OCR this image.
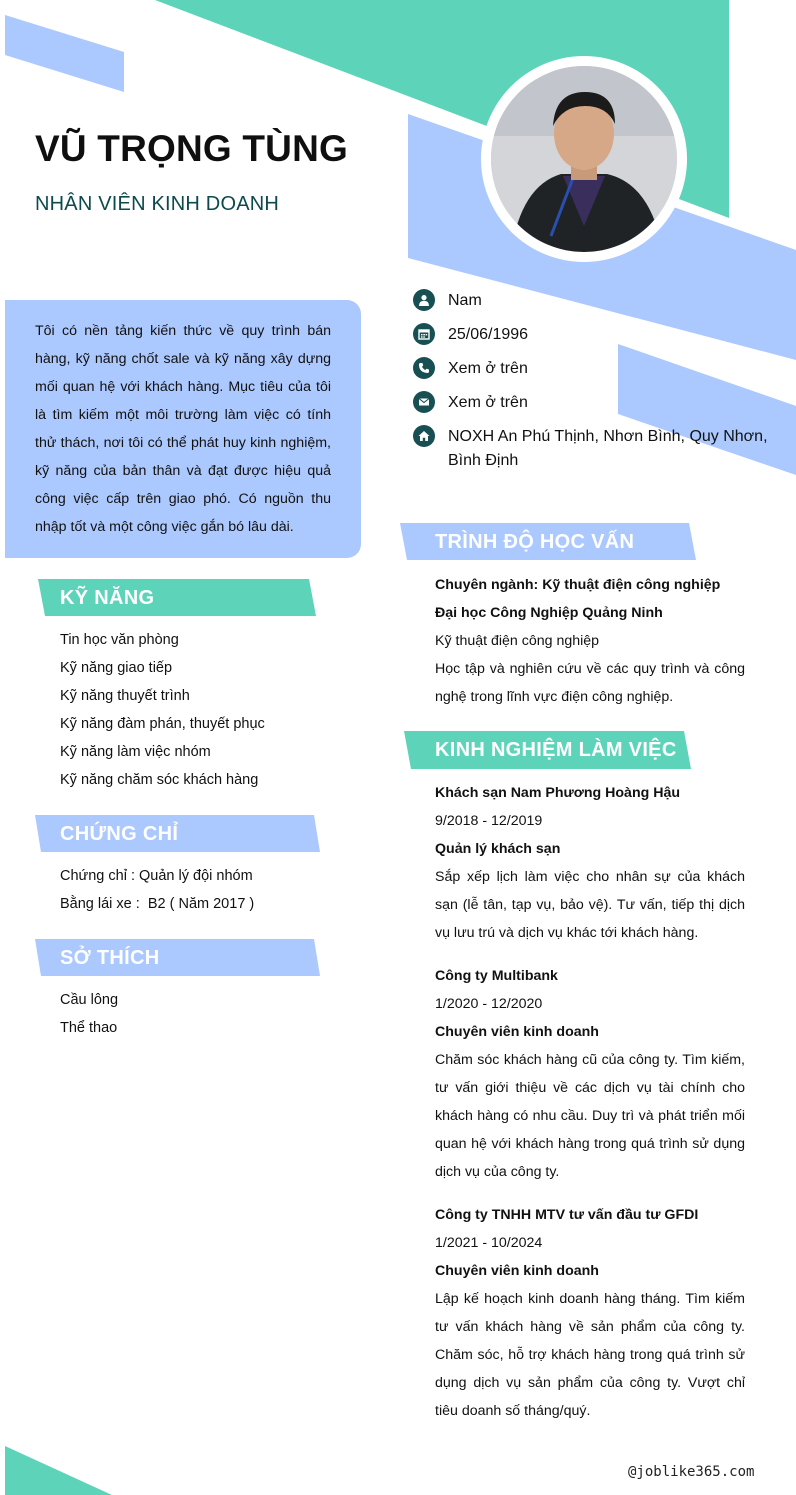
VŨ TRỌNG TÙNG
NHÂN VIÊN KINH DOANH
Tôi có nền tảng kiến thức về quy trình bán hàng, kỹ năng chốt sale và kỹ năng xây dựng mối quan hệ với khách hàng. Mục tiêu của tôi là tìm kiếm một môi trường làm việc có tính thử thách, nơi tôi có thể phát huy kinh nghiệm, kỹ năng của bản thân và đạt được hiệu quả công việc cấp trên giao phó. Có nguồn thu nhập tốt và một công việc gắn bó lâu dài.
Nam
25/06/1996
Xem ở trên
Xem ở trên
NOXH An Phú Thịnh, Nhơn Bình, Quy Nhơn, Bình Định
KỸ NĂNG
Tin học văn phòng
Kỹ năng giao tiếp
Kỹ năng thuyết trình
Kỹ năng đàm phán, thuyết phục
Kỹ năng làm việc nhóm
Kỹ năng chăm sóc khách hàng
CHỨNG CHỈ
Chứng chỉ : Quản lý đội nhóm
Bằng lái xe :  B2 ( Năm 2017 )
SỞ THÍCH
Cầu lông
Thể thao
TRÌNH ĐỘ HỌC VẤN
Chuyên ngành: Kỹ thuật điện công nghiệp
Đại học Công Nghiệp Quảng Ninh
Kỹ thuật điện công nghiệp
Học tập và nghiên cứu về các quy trình và công nghệ trong lĩnh vực điện công nghiệp.
KINH NGHIỆM LÀM VIỆC
Khách sạn Nam Phương Hoàng Hậu
9/2018 - 12/2019
Quản lý khách sạn
Sắp xếp lịch làm việc cho nhân sự của khách sạn (lễ tân, tạp vụ, bảo vệ). Tư vấn, tiếp thị dịch vụ lưu trú và dịch vụ khác tới khách hàng.
Công ty Multibank
1/2020 - 12/2020
Chuyên viên kinh doanh
Chăm sóc khách hàng cũ của công ty. Tìm kiếm, tư vấn giới thiệu về các dịch vụ tài chính cho khách hàng có nhu cầu. Duy trì và phát triển mối quan hệ với khách hàng trong quá trình sử dụng dịch vụ của công ty.
Công ty TNHH MTV tư vấn đầu tư GFDI
1/2021 - 10/2024
Chuyên viên kinh doanh
Lập kế hoạch kinh doanh hàng tháng. Tìm kiếm tư vấn khách hàng về sản phẩm của công ty. Chăm sóc, hỗ trợ khách hàng trong quá trình sử dụng dịch vụ sản phẩm của công ty. Vượt chỉ tiêu doanh số tháng/quý.
@joblike365.com
